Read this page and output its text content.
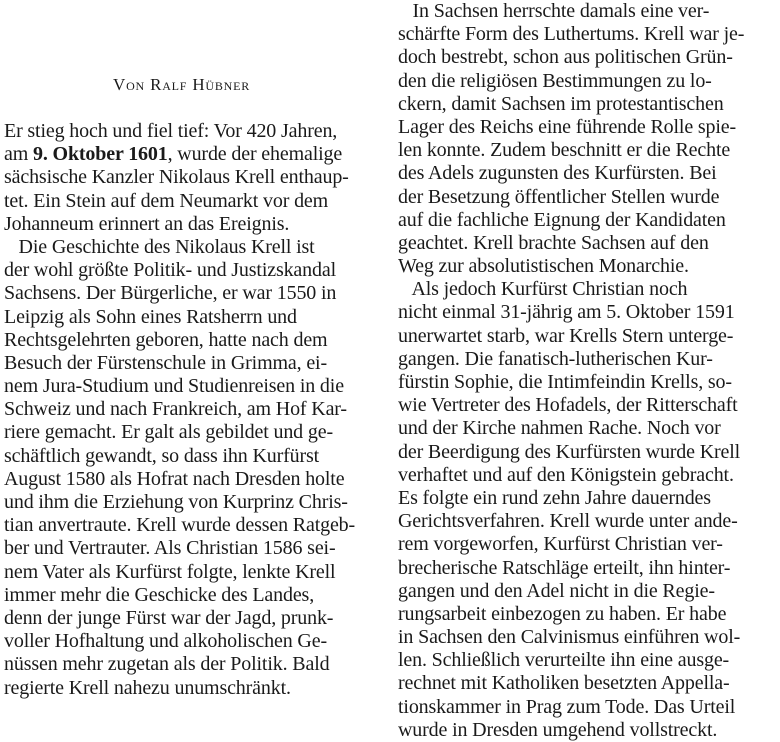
Von Ralf Hübner
Er stieg hoch und fiel tief: Vor 420 Jahren,
am 9. Oktober 1601, wurde der ehemalige
sächsische Kanzler Nikolaus Krell enthaup-
tet. Ein Stein auf dem Neumarkt vor dem
Johanneum erinnert an das Ereignis.
Die Geschichte des Nikolaus Krell ist
der wohl größte Politik- und Justizskandal
Sachsens. Der Bürgerliche, er war 1550 in
Leipzig als Sohn eines Ratsherrn und
Rechtsgelehrten geboren, hatte nach dem
Besuch der Fürstenschule in Grimma, ei-
nem Jura-Studium und Studienreisen in die
Schweiz und nach Frankreich, am Hof Kar-
riere gemacht. Er galt als gebildet und ge-
schäftlich gewandt, so dass ihn Kurfürst
August 1580 als Hofrat nach Dresden holte
und ihm die Erziehung von Kurprinz Chris-
tian anvertraute. Krell wurde dessen Ratgeb-
ber und Vertrauter. Als Christian 1586 sei-
nem Vater als Kurfürst folgte, lenkte Krell
immer mehr die Geschicke des Landes,
denn der junge Fürst war der Jagd, prunk-
voller Hofhaltung und alkoholischen Ge-
nüssen mehr zugetan als der Politik. Bald
regierte Krell nahezu unumschränkt.
In Sachsen herrschte damals eine ver-
schärfte Form des Luthertums. Krell war je-
doch bestrebt, schon aus politischen Grün-
den die religiösen Bestimmungen zu lo-
ckern, damit Sachsen im protestantischen
Lager des Reichs eine führende Rolle spie-
len konnte. Zudem beschnitt er die Rechte
des Adels zugunsten des Kurfürsten. Bei
der Besetzung öffentlicher Stellen wurde
auf die fachliche Eignung der Kandidaten
geachtet. Krell brachte Sachsen auf den
Weg zur absolutistischen Monarchie.
Als jedoch Kurfürst Christian noch
nicht einmal 31-jährig am 5. Oktober 1591
unerwartet starb, war Krells Stern unterge-
gangen. Die fanatisch-lutherischen Kur-
fürstin Sophie, die Intimfeindin Krells, so-
wie Vertreter des Hofadels, der Ritterschaft
und der Kirche nahmen Rache. Noch vor
der Beerdigung des Kurfürsten wurde Krell
verhaftet und auf den Königstein gebracht.
Es folgte ein rund zehn Jahre dauerndes
Gerichtsverfahren. Krell wurde unter ande-
rem vorgeworfen, Kurfürst Christian ver-
brecherische Ratschläge erteilt, ihn hinter-
gangen und den Adel nicht in die Regie-
rungsarbeit einbezogen zu haben. Er habe
in Sachsen den Calvinismus einführen wol-
len. Schließlich verurteilte ihn eine ausge-
rechnet mit Katholiken besetzten Appella-
tionskammer in Prag zum Tode. Das Urteil
wurde in Dresden umgehend vollstreckt.
